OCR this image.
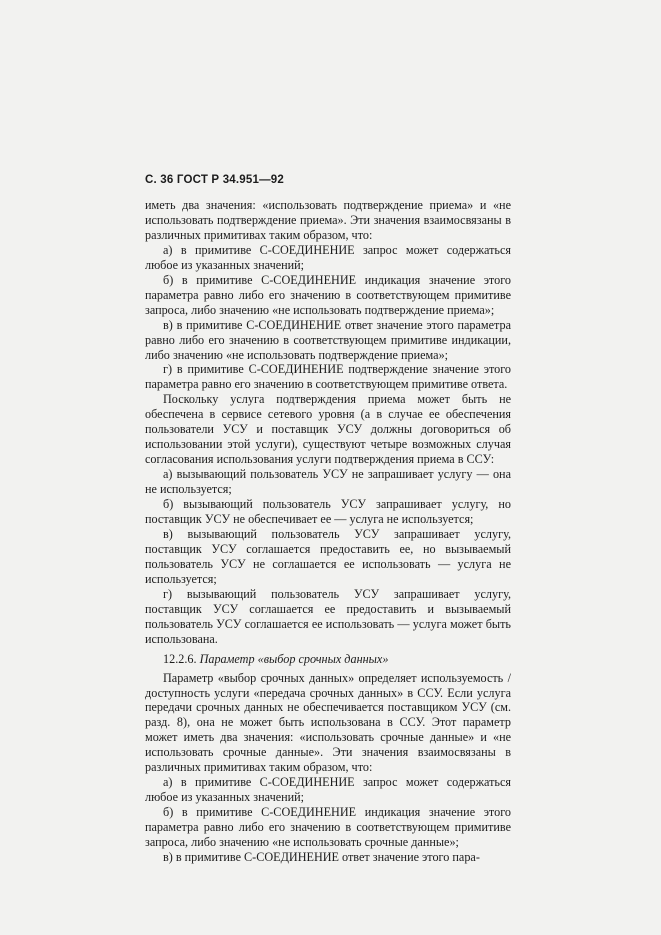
С. 36 ГОСТ Р 34.951—92

иметь два значения: «использовать подтверждение приема» и «не использовать подтверждение приема». Эти значения взаимосвязаны в различных примитивах таким образом, что:

а) в примитиве С-СОЕДИНЕНИЕ запрос может содержаться любое из указанных значений;

б) в примитиве С-СОЕДИНЕНИЕ индикация значение этого параметра равно либо его значению в соответствующем примитиве запроса, либо значению «не использовать подтверждение приема»;

в) в примитиве С-СОЕДИНЕНИЕ ответ значение этого параметра равно либо его значению в соответствующем примитиве индикации, либо значению «не использовать подтверждение приема»;

г) в примитиве С-СОЕДИНЕНИЕ подтверждение значение этого параметра равно его значению в соответствующем примитиве ответа.

Поскольку услуга подтверждения приема может быть не обеспечена в сервисе сетевого уровня (а в случае ее обеспечения пользователи УСУ и поставщик УСУ должны договориться об использовании этой услуги), существуют четыре возможных случая согласования использования услуги подтверждения приема в ССУ:

а) вызывающий пользователь УСУ не запрашивает услугу — она не используется;

б) вызывающий пользователь УСУ запрашивает услугу, но поставщик УСУ не обеспечивает ее — услуга не используется;

в) вызывающий пользователь УСУ запрашивает услугу, поставщик УСУ соглашается предоставить ее, но вызываемый пользователь УСУ не соглашается ее использовать — услуга не используется;

г) вызывающий пользователь УСУ запрашивает услугу, поставщик УСУ соглашается ее предоставить и вызываемый пользователь УСУ соглашается ее использовать — услуга может быть использована.

12.2.6. Параметр «выбор срочных данных»

Параметр «выбор срочных данных» определяет используемость /доступность услуги «передача срочных данных» в ССУ. Если услуга передачи срочных данных не обеспечивается поставщиком УСУ (см. разд. 8), она не может быть использована в ССУ. Этот параметр может иметь два значения: «использовать срочные данные» и «не использовать срочные данные». Эти значения взаимосвязаны в различных примитивах таким образом, что:

а) в примитиве С-СОЕДИНЕНИЕ запрос может содержаться любое из указанных значений;

б) в примитиве С-СОЕДИНЕНИЕ индикация значение этого параметра равно либо его значению в соответствующем примитиве запроса, либо значению «не использовать срочные данные»;

в) в примитиве С-СОЕДИНЕНИЕ ответ значение этого пара-
